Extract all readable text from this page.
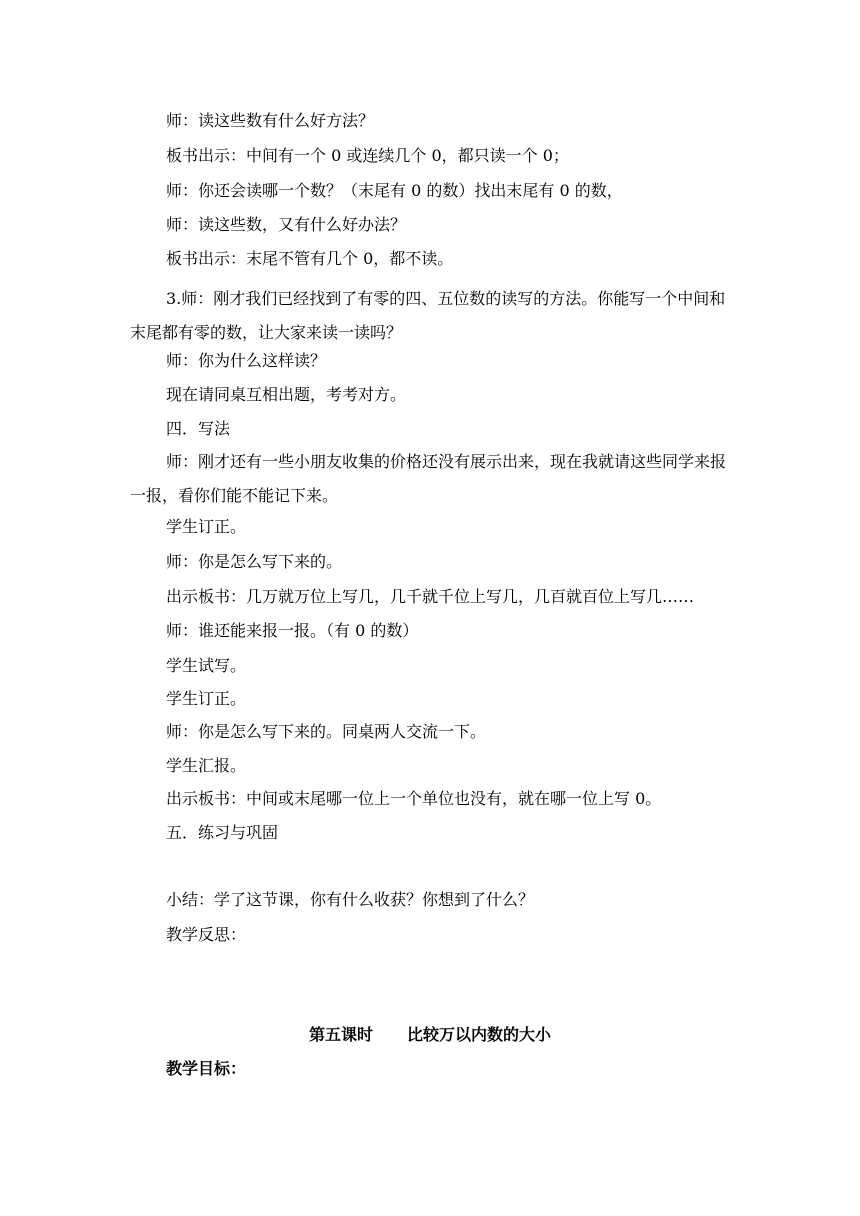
师：读这些数有什么好方法？
板书出示：中间有一个 0 或连续几个 0，都只读一个 0；
师：你还会读哪一个数？（末尾有 0 的数）找出末尾有 0 的数，
师：读这些数，又有什么好办法？
板书出示：末尾不管有几个 0，都不读。
3.师：刚才我们已经找到了有零的四、五位数的读写的方法。你能写一个中间和末尾都有零的数，让大家来读一读吗？
师：你为什么这样读？
现在请同桌互相出题，考考对方。
四．写法
师：刚才还有一些小朋友收集的价格还没有展示出来，现在我就请这些同学来报一报，看你们能不能记下来。
学生订正。
师：你是怎么写下来的。
出示板书：几万就万位上写几，几千就千位上写几，几百就百位上写几……
师：谁还能来报一报。（有 0 的数）
学生试写。
学生订正。
师：你是怎么写下来的。同桌两人交流一下。
学生汇报。
出示板书：中间或末尾哪一位上一个单位也没有，就在哪一位上写 0。
五．练习与巩固
小结：学了这节课，你有什么收获？你想到了什么？
教学反思：
第五课时 比较万以内数的大小
教学目标：
